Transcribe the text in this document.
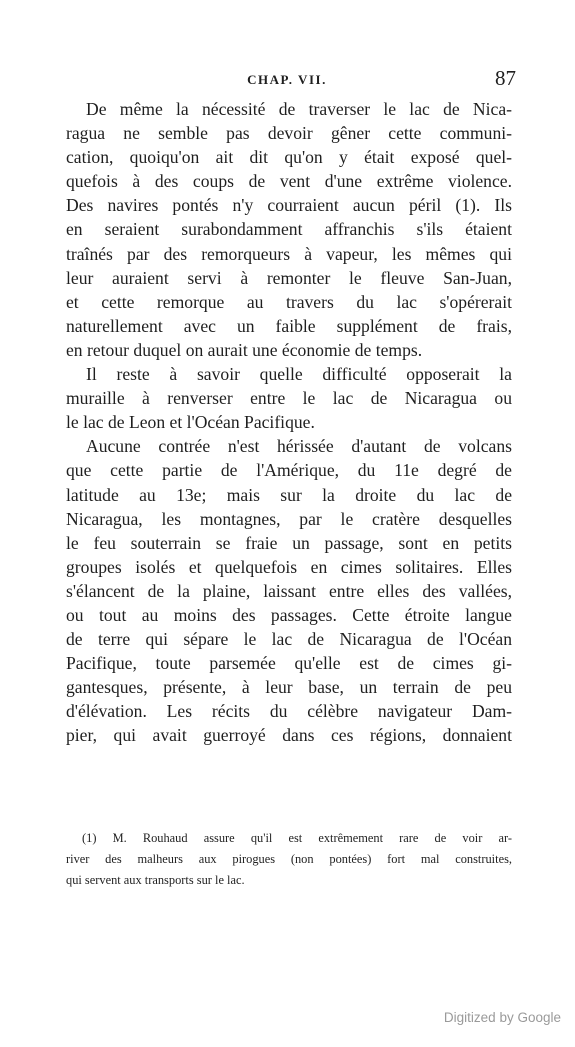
CHAP. VII.	87
De même la nécessité de traverser le lac de Nica-
ragua ne semble pas devoir gêner cette communi-
cation, quoiqu'on ait dit qu'on y était exposé quel-
quefois à des coups de vent d'une extrême violence.
Des navires pontés n'y courraient aucun péril (1). Ils
en seraient surabondamment affranchis s'ils étaient
traînés par des remorqueurs à vapeur, les mêmes qui
leur auraient servi à remonter le fleuve San-Juan,
et cette remorque au travers du lac s'opérerait
naturellement avec un faible supplément de frais,
en retour duquel on aurait une économie de temps.
Il reste à savoir quelle difficulté opposerait la
muraille à renverser entre le lac de Nicaragua ou
le lac de Leon et l'Océan Pacifique.
Aucune contrée n'est hérissée d'autant de volcans
que cette partie de l'Amérique, du 11e degré de
latitude au 13e; mais sur la droite du lac de
Nicaragua, les montagnes, par le cratère desquelles
le feu souterrain se fraie un passage, sont en petits
groupes isolés et quelquefois en cimes solitaires. Elles
s'élancent de la plaine, laissant entre elles des vallées,
ou tout au moins des passages. Cette étroite langue
de terre qui sépare le lac de Nicaragua de l'Océan
Pacifique, toute parsemée qu'elle est de cimes gi-
gantesques, présente, à leur base, un terrain de peu
d'élévation. Les récits du célèbre navigateur Dam-
pier, qui avait guerroyé dans ces régions, donnaient
(1) M. Rouhaud assure qu'il est extrêmement rare de voir ar-
river des malheurs aux pirogues (non pontées) fort mal construites,
qui servent aux transports sur le lac.
Digitized by Google
